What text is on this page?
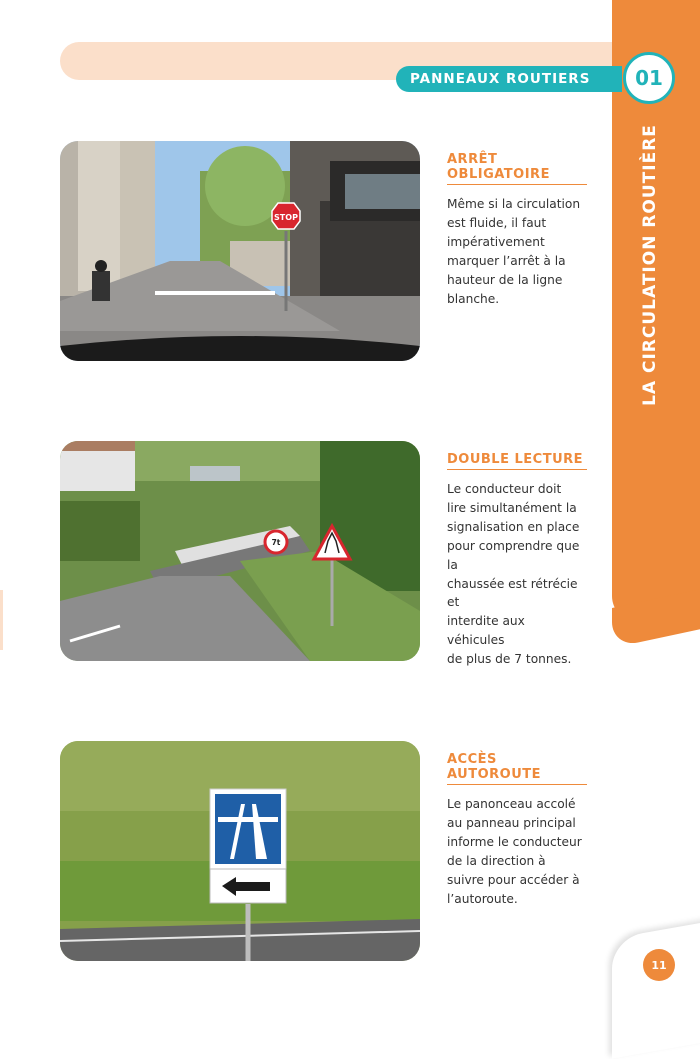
PANNEAUX ROUTIERS	01
LA CIRCULATION ROUTIÈRE
STOP
7t
ARRÊT
OBLIGATOIRE

Même si la circulation
est fluide, il faut
impérativement
marquer l’arrêt à la
hauteur de la ligne
blanche.

DOUBLE LECTURE

Le conducteur doit
lire simultanément la
signalisation en place
pour comprendre que la
chaussée est rétrécie et
interdite aux véhicules
de plus de 7 tonnes.

ACCÈS
AUTOROUTE

Le panonceau accolé
au panneau principal
informe le conducteur
de la direction à
suivre pour accéder à
l’autoroute.

11
